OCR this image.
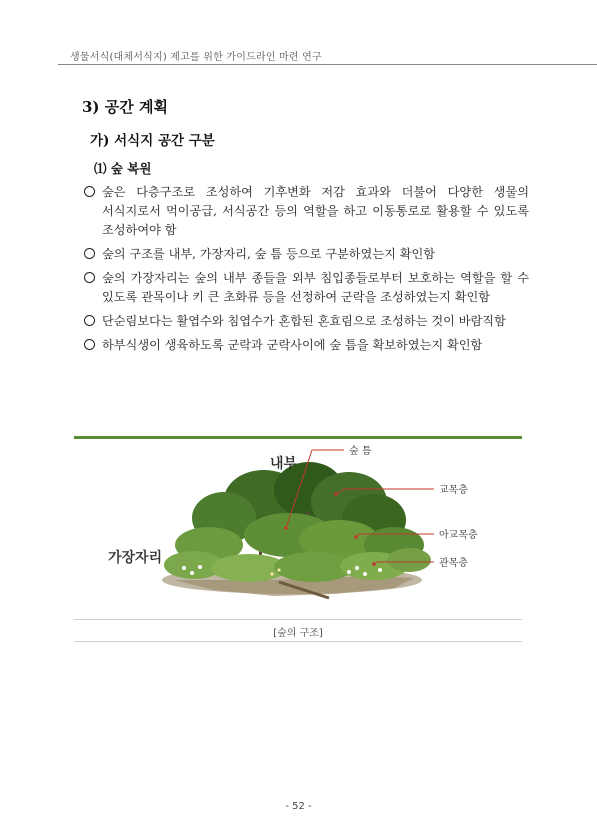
생물서식(대체서식지) 제고를 위한 가이드라인 마련 연구
3) 공간 계획
가) 서식지 공간 구분
⑴ 숲 복원
숲은 다층구조로 조성하여 기후변화 저감 효과와 더불어 다양한 생물의 서식지로서 먹이공급, 서식공간 등의 역할을 하고 이동통로로 활용할 수 있도록 조성하여야 함
숲의 구조를 내부, 가장자리, 숲 틈 등으로 구분하였는지 확인함
숲의 가장자리는 숲의 내부 종들을 외부 침입종들로부터 보호하는 역할을 할 수 있도록 관목이나 키 큰 초화류 등을 선정하여 군락을 조성하였는지 확인함
단순림보다는 활엽수와 침엽수가 혼합된 혼효림으로 조성하는 것이 바람직함
하부식생이 생육하도록 군락과 군락사이에 숲 틈을 확보하였는지 확인함
숲 틈
내부
교목층
아교목층
관목층
가장자리
[숲의 구조]
- 52 -
